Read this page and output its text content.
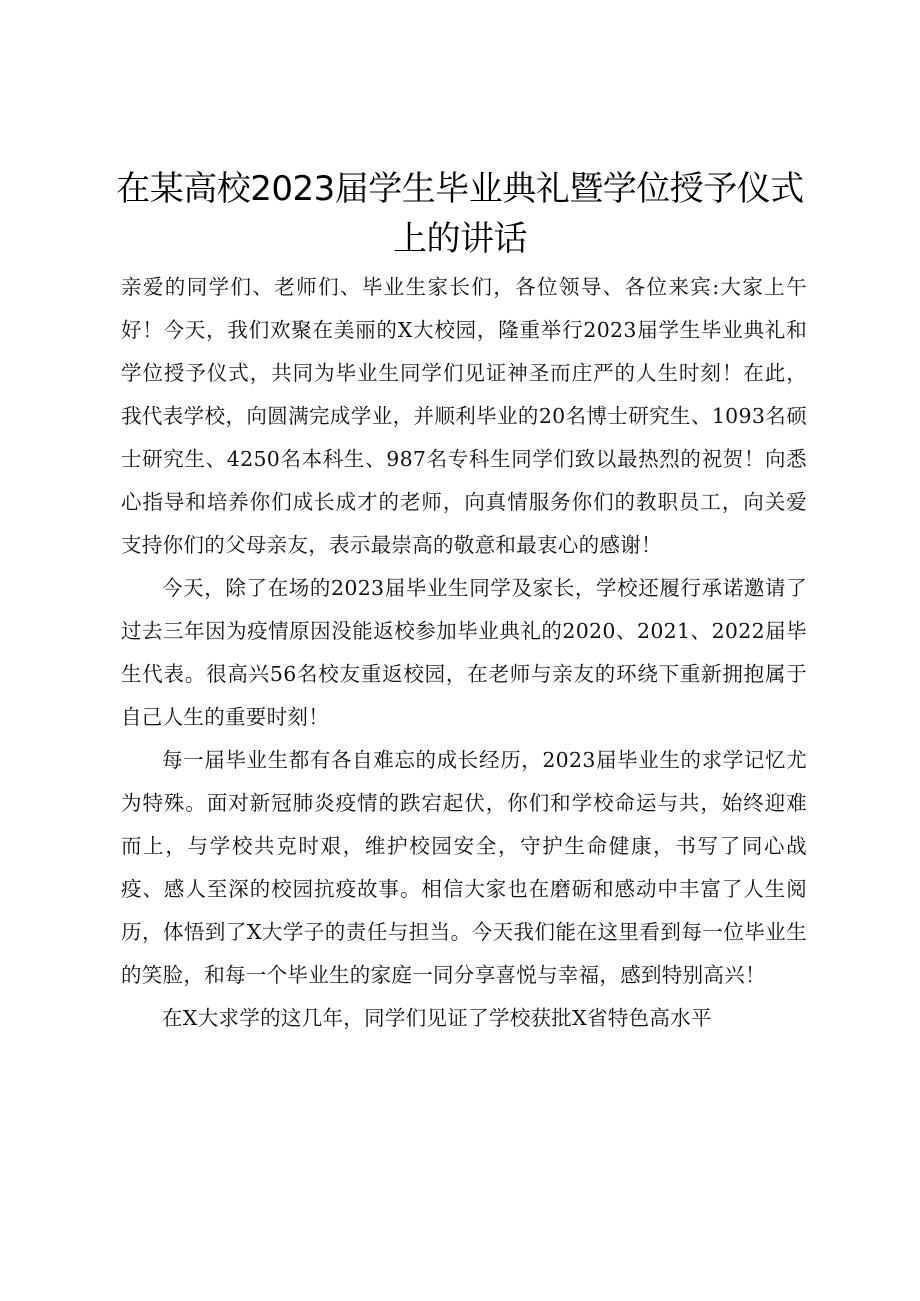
在某高校2023届学生毕业典礼暨学位授予仪式上的讲话

亲爱的同学们、老师们、毕业生家长们，各位领导、各位来宾:大家上午好！今天，我们欢聚在美丽的X大校园，隆重举行2023届学生毕业典礼和学位授予仪式，共同为毕业生同学们见证神圣而庄严的人生时刻！在此，我代表学校，向圆满完成学业，并顺利毕业的20名博士研究生、1093名硕士研究生、4250名本科生、987名专科生同学们致以最热烈的祝贺！向悉心指导和培养你们成长成才的老师，向真情服务你们的教职员工，向关爱支持你们的父母亲友，表示最崇高的敬意和最衷心的感谢！

今天，除了在场的2023届毕业生同学及家长，学校还履行承诺邀请了过去三年因为疫情原因没能返校参加毕业典礼的2020、2021、2022届毕生代表。很高兴56名校友重返校园，在老师与亲友的环绕下重新拥抱属于自己人生的重要时刻！

每一届毕业生都有各自难忘的成长经历，2023届毕业生的求学记忆尤为特殊。面对新冠肺炎疫情的跌宕起伏，你们和学校命运与共，始终迎难而上，与学校共克时艰，维护校园安全，守护生命健康，书写了同心战疫、感人至深的校园抗疫故事。相信大家也在磨砺和感动中丰富了人生阅历，体悟到了X大学子的责任与担当。今天我们能在这里看到每一位毕业生的笑脸，和每一个毕业生的家庭一同分享喜悦与幸福，感到特别高兴！

在X大求学的这几年，同学们见证了学校获批X省特色高水平
